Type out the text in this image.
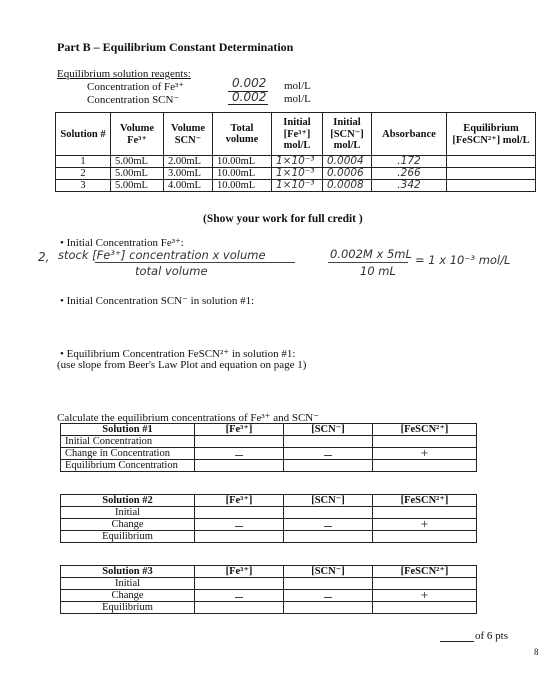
Part B – Equilibrium Constant Determination
Equilibrium solution reagents:
Concentration of Fe³⁺	0.002 mol/L
Concentration SCN⁻	0.002 mol/L
Solution #	Volume Fe³⁺	Volume SCN⁻	Total volume	Initial [Fe³⁺] mol/L	Initial [SCN⁻] mol/L	Absorbance	Equilibrium [FeSCN²⁺] mol/L
1	5.00mL	2.00mL	10.00mL	1×10⁻³	0.0004	.172	
2	5.00mL	3.00mL	10.00mL	1×10⁻³	0.0006	.266	
3	5.00mL	4.00mL	10.00mL	1×10⁻³	0.0008	.342	
(Show your work for full credit )
• Initial Concentration Fe³⁺:
2, stock [Fe³⁺] concentration x volume
total volume
0.002M x 5mL
10 mL
= 1 x 10⁻³ mol/L
• Initial Concentration SCN⁻ in solution #1:
• Equilibrium Concentration FeSCN²⁺ in solution #1:
(use slope from Beer's Law Plot and equation on page 1)
Calculate the equilibrium concentrations of Fe³⁺ and SCN⁻
Solution #1	[Fe³⁺]	[SCN⁻]	[FeSCN²⁺]
Initial Concentration			
Change in Concentration			+
Equilibrium Concentration			
Solution #2	[Fe³⁺]	[SCN⁻]	[FeSCN²⁺]
Initial			
Change			+
Equilibrium			
Solution #3	[Fe³⁺]	[SCN⁻]	[FeSCN²⁺]
Initial			
Change			+
Equilibrium			
of 6 pts
8
